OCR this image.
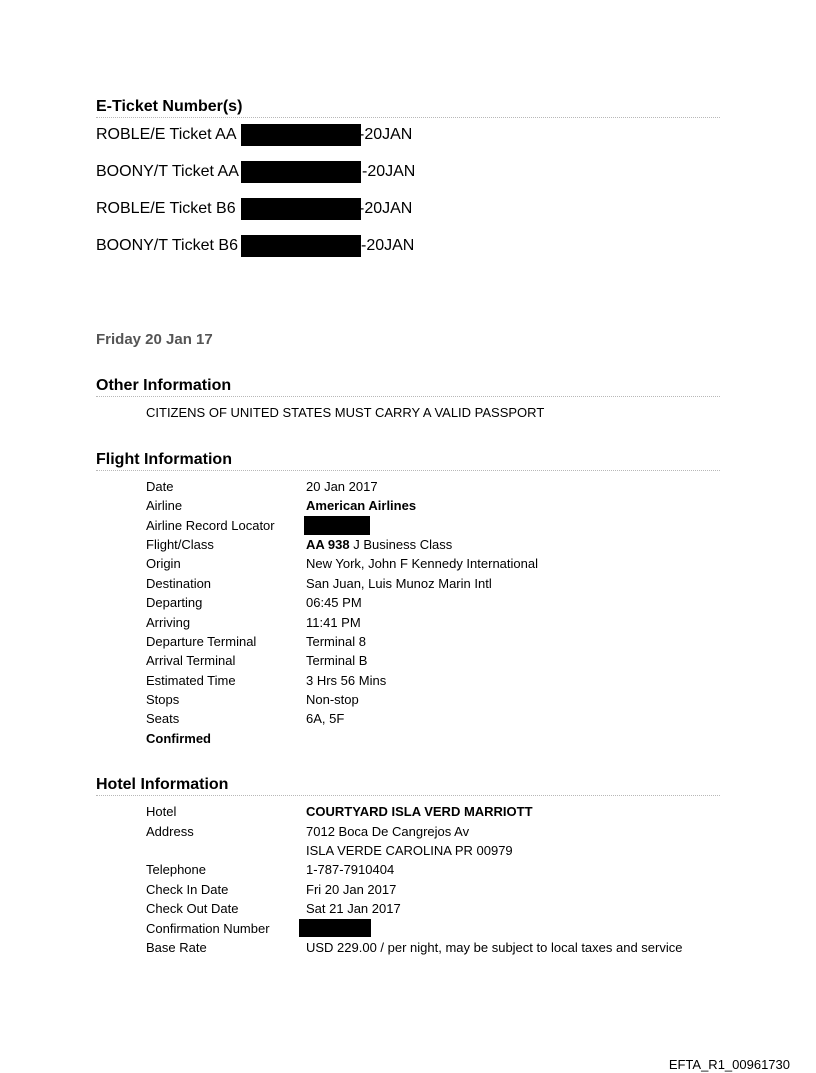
E-Ticket Number(s)
ROBLE/E Ticket AA	-20JAN
BOONY/T Ticket AA	-20JAN
ROBLE/E Ticket B6	-20JAN
BOONY/T Ticket B6	-20JAN
Friday 20 Jan 17
Other Information
CITIZENS OF UNITED STATES MUST CARRY A VALID PASSPORT
Flight Information
Date	20 Jan 2017
Airline	American Airlines
Airline Record Locator
Flight/Class	AA 938 J Business Class
Origin	New York, John F Kennedy International
Destination	San Juan, Luis Munoz Marin Intl
Departing	06:45 PM
Arriving	11:41 PM
Departure Terminal	Terminal 8
Arrival Terminal	Terminal B
Estimated Time	3 Hrs 56 Mins
Stops	Non-stop
Seats	6A, 5F
Confirmed
Hotel Information
Hotel	COURTYARD ISLA VERD MARRIOTT
Address	7012 Boca De Cangrejos Av
ISLA VERDE CAROLINA PR 00979
Telephone	1-787-7910404
Check In Date	Fri 20 Jan 2017
Check Out Date	Sat 21 Jan 2017
Confirmation Number
Base Rate	USD 229.00 / per night, may be subject to local taxes and service
EFTA_R1_00961730
